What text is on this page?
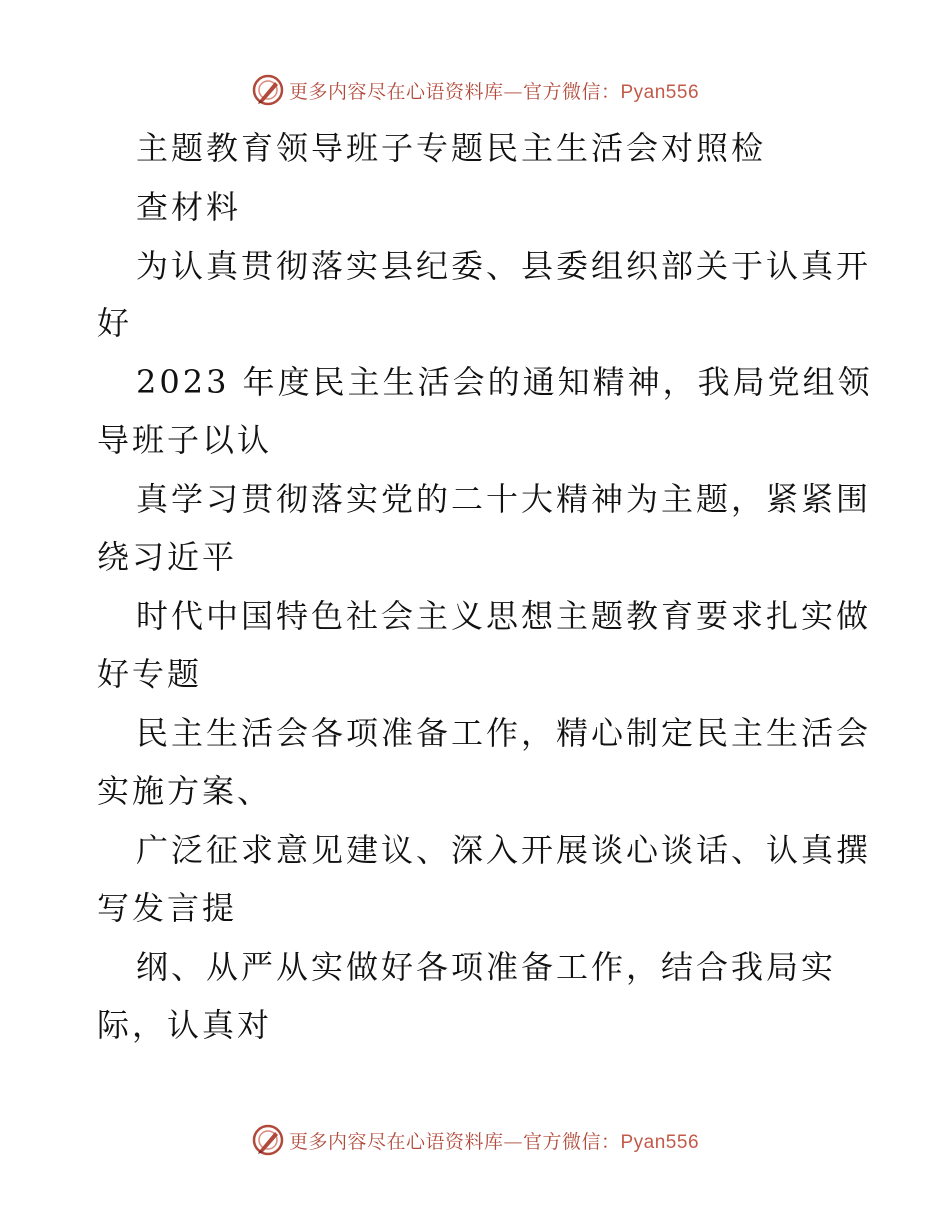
更多内容尽在心语资料库—官方微信：Pyan556
主题教育领导班子专题民主生活会对照检
查材料
为认真贯彻落实县纪委、县委组织部关于认真开
好
2023 年度民主生活会的通知精神，我局党组领
导班子以认
真学习贯彻落实党的二十大精神为主题，紧紧围
绕习近平
时代中国特色社会主义思想主题教育要求扎实做
好专题
民主生活会各项准备工作，精心制定民主生活会
实施方案、
广泛征求意见建议、深入开展谈心谈话、认真撰
写发言提
纲、从严从实做好各项准备工作，结合我局实
际，认真对
更多内容尽在心语资料库—官方微信：Pyan556
